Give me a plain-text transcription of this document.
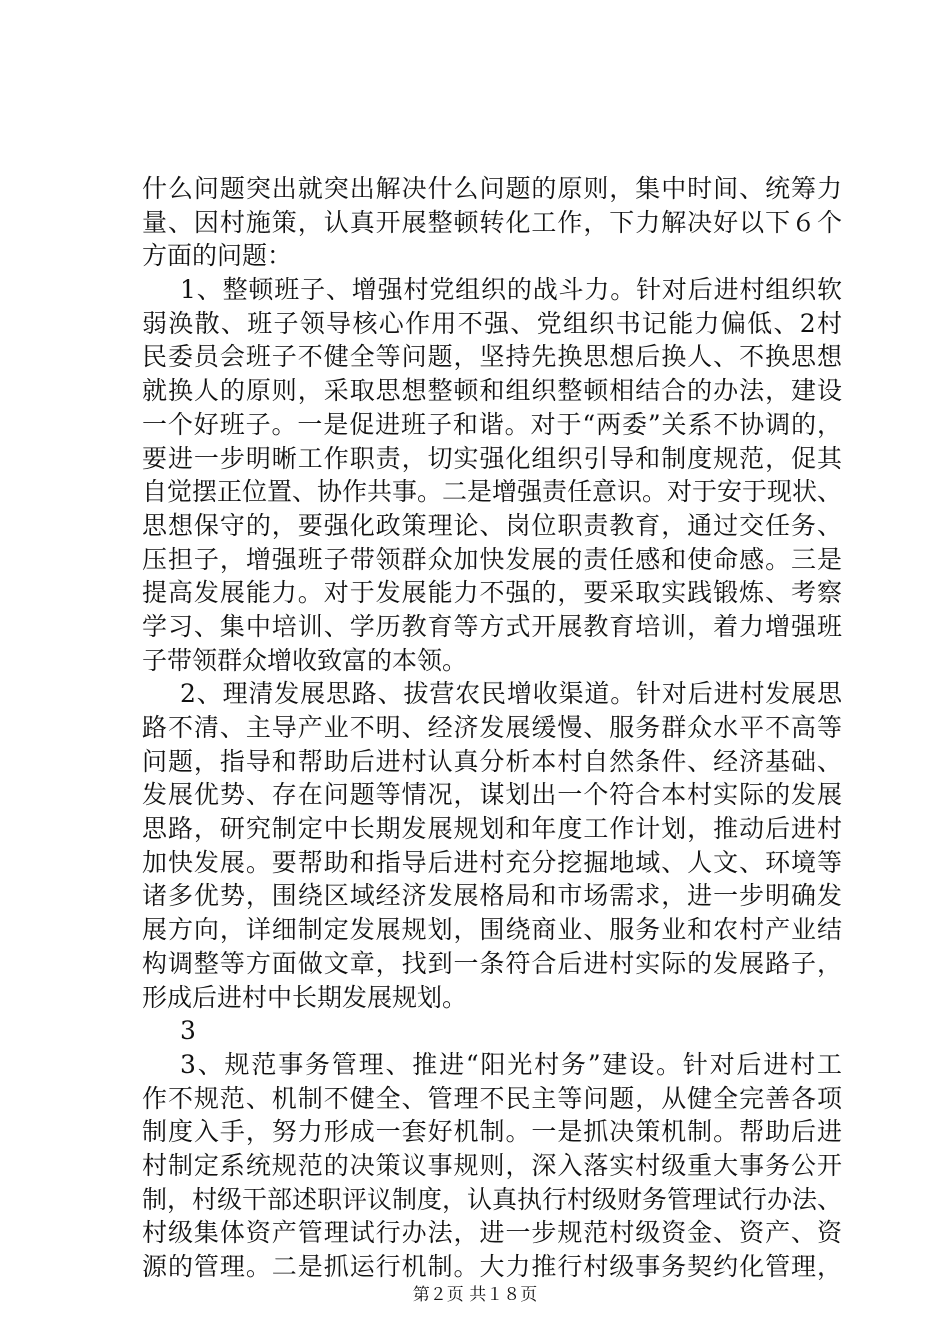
什么问题突出就突出解决什么问题的原则，集中时间、统筹力
量、因村施策，认真开展整顿转化工作，下力解决好以下６个
方面的问题：
1、整顿班子、增强村党组织的战斗力。针对后进村组织软
弱涣散、班子领导核心作用不强、党组织书记能力偏低、2村
民委员会班子不健全等问题，坚持先换思想后换人、不换思想
就换人的原则，采取思想整顿和组织整顿相结合的办法，建设
一个好班子。一是促进班子和谐。对于“两委”关系不协调的，
要进一步明晰工作职责，切实强化组织引导和制度规范，促其
自觉摆正位置、协作共事。二是增强责任意识。对于安于现状、
思想保守的，要强化政策理论、岗位职责教育，通过交任务、
压担子，增强班子带领群众加快发展的责任感和使命感。三是
提高发展能力。对于发展能力不强的，要采取实践锻炼、考察
学习、集中培训、学历教育等方式开展教育培训，着力增强班
子带领群众增收致富的本领。
2、理清发展思路、拔营农民增收渠道。针对后进村发展思
路不清、主导产业不明、经济发展缓慢、服务群众水平不高等
问题，指导和帮助后进村认真分析本村自然条件、经济基础、
发展优势、存在问题等情况，谋划出一个符合本村实际的发展
思路，研究制定中长期发展规划和年度工作计划，推动后进村
加快发展。要帮助和指导后进村充分挖掘地域、人文、环境等
诸多优势，围绕区域经济发展格局和市场需求，进一步明确发
展方向，详细制定发展规划，围绕商业、服务业和农村产业结
构调整等方面做文章，找到一条符合后进村实际的发展路子，
形成后进村中长期发展规划。
3
3、规范事务管理、推进“阳光村务”建设。针对后进村工
作不规范、机制不健全、管理不民主等问题，从健全完善各项
制度入手，努力形成一套好机制。一是抓决策机制。帮助后进
村制定系统规范的决策议事规则，深入落实村级重大事务公开
制，村级干部述职评议制度，认真执行村级财务管理试行办法、
村级集体资产管理试行办法，进一步规范村级资金、资产、资
源的管理。二是抓运行机制。大力推行村级事务契约化管理，
第２页 共１８页
